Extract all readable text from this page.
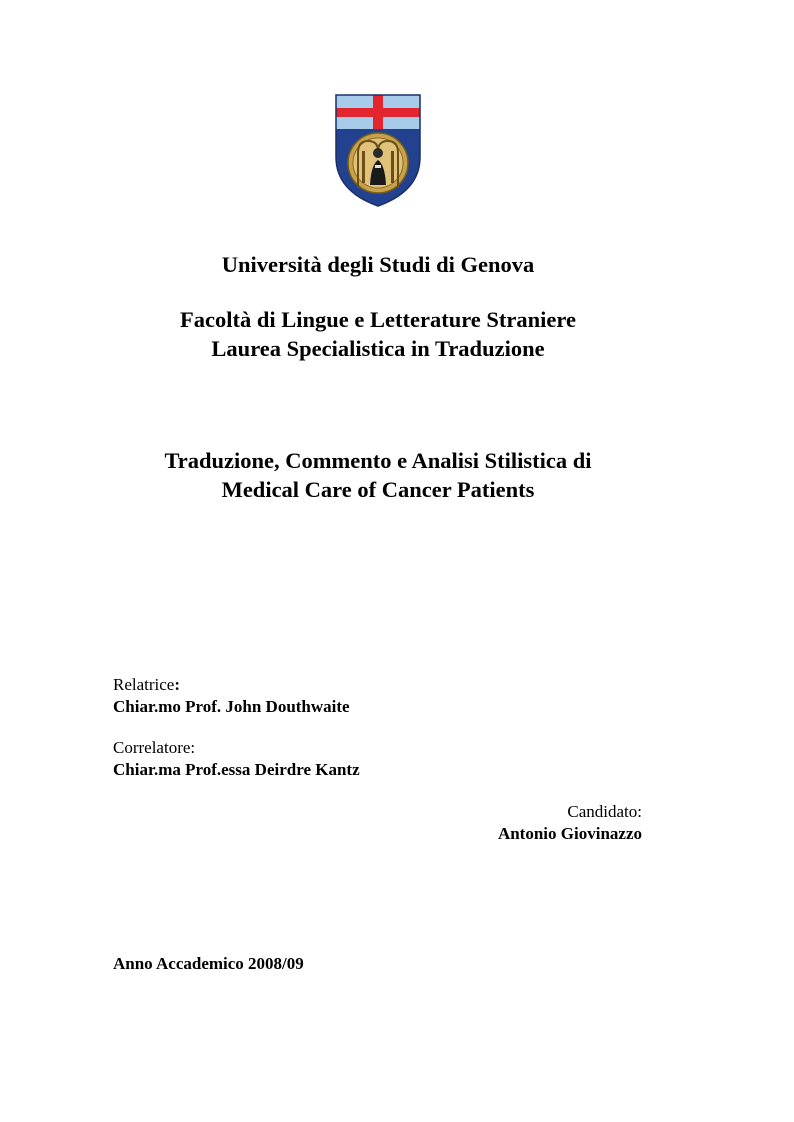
Università degli Studi di Genova
Facoltà di Lingue e Letterature Straniere
Laurea Specialistica in Traduzione
Traduzione, Commento e Analisi Stilistica di
Medical Care of Cancer Patients
Relatrice:
Chiar.mo Prof. John Douthwaite
Correlatore:
Chiar.ma Prof.essa Deirdre Kantz
Candidato:
Antonio Giovinazzo
Anno Accademico 2008/09
